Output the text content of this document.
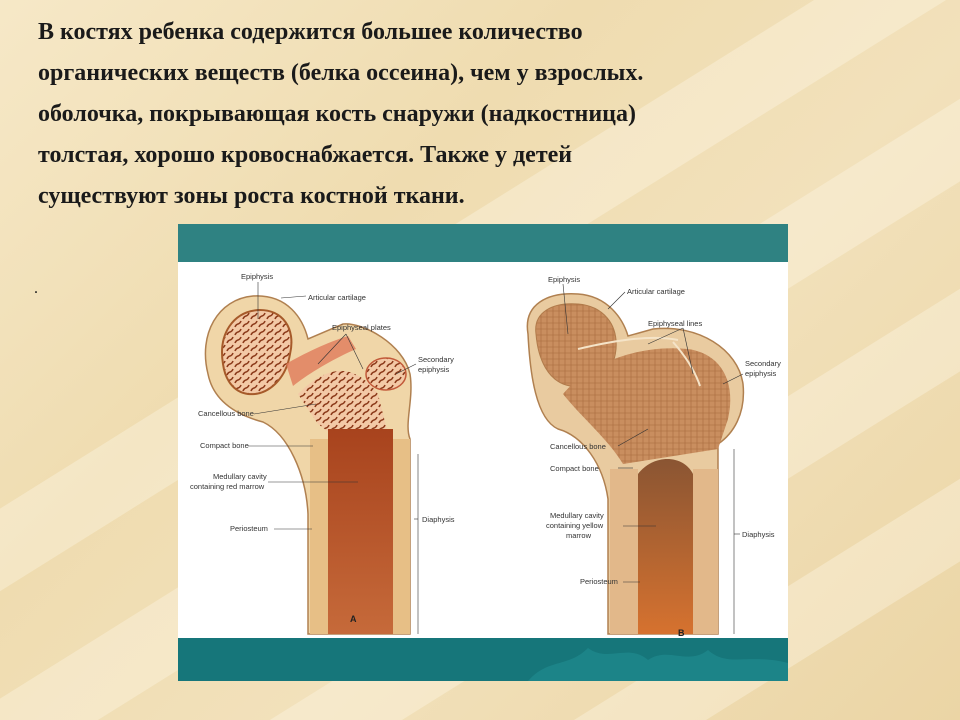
В костях ребенка содержится большее количество
органических веществ (белка оссеина), чем у взрослых.
оболочка, покрывающая кость снаружи (надкостница)
толстая, хорошо кровоснабжается. Также у детей
существуют зоны роста костной ткани.
.
Epiphysis
Articular cartilage
Epiphyseal plates
Secondary
epiphysis
Cancellous bone
Compact bone
Medullary cavity
containing red marrow
Periosteum
Diaphysis
A
Epiphysis
Articular cartilage
Epiphyseal lines
Secondary
epiphysis
Cancellous bone
Compact bone
Medullary cavity
containing yellow
marrow
Periosteum
Diaphysis
B
